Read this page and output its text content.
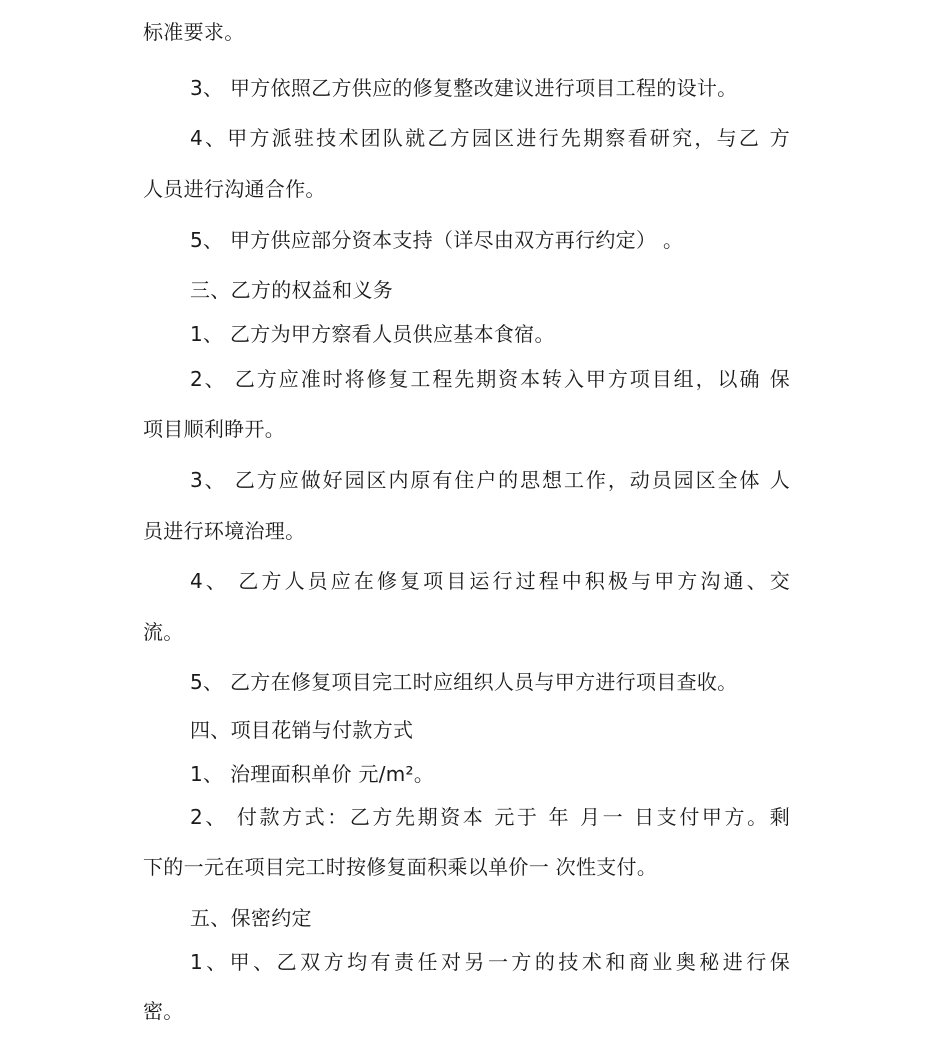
标准要求。
3、 甲方依照乙方供应的修复整改建议进行项目工程的设计。
4、甲方派驻技术团队就乙方园区进行先期察看研究，与乙 方
人员进行沟通合作。
5、 甲方供应部分资本支持（详尽由双方再行约定） 。
三、乙方的权益和义务
1、 乙方为甲方察看人员供应基本食宿。
2、 乙方应准时将修复工程先期资本转入甲方项目组，以确 保
项目顺利睁开。
3、 乙方应做好园区内原有住户的思想工作，动员园区全体 人
员进行环境治理。
4、 乙方人员应在修复项目运行过程中积极与甲方沟通、交
流。
5、 乙方在修复项目完工时应组织人员与甲方进行项目查收。
四、项目花销与付款方式
1、 治理面积单价 元/m²。
2、 付款方式：乙方先期资本 元于 年 月一 日支付甲方。剩
下的一元在项目完工时按修复面积乘以单价一 次性支付。
五、保密约定
1、甲、乙双方均有责任对另一方的技术和商业奥秘进行保
密。
